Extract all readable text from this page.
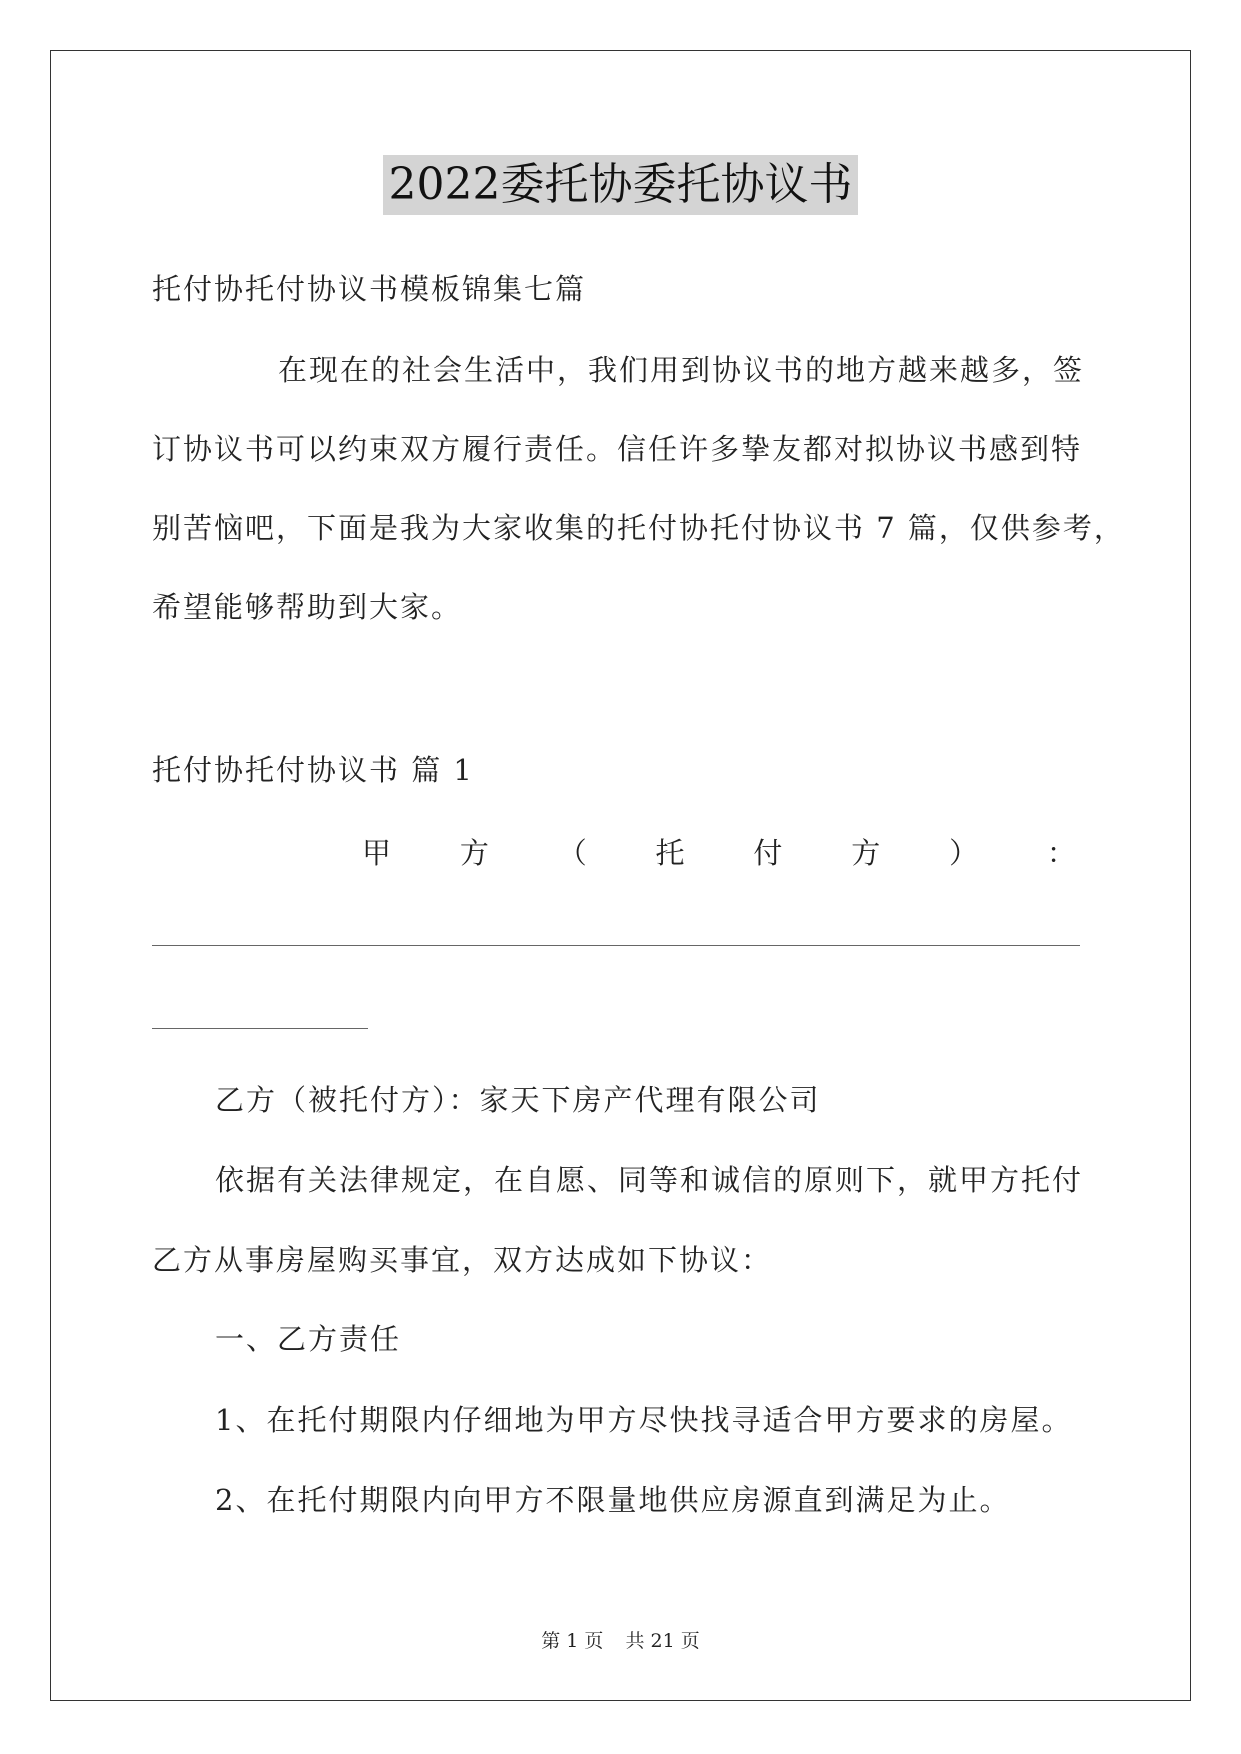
2022委托协委托协议书
托付协托付协议书模板锦集七篇
在现在的社会生活中，我们用到协议书的地方越来越多，签
订协议书可以约束双方履行责任。信任许多挚友都对拟协议书感到特
别苦恼吧，下面是我为大家收集的托付协托付协议书 7 篇，仅供参考，
希望能够帮助到大家。
托付协托付协议书 篇 1
甲 方 （ 托 付 方 ） ：
乙方（被托付方）：家天下房产代理有限公司
依据有关法律规定，在自愿、同等和诚信的原则下，就甲方托付
乙方从事房屋购买事宜，双方达成如下协议：
一、乙方责任
1、在托付期限内仔细地为甲方尽快找寻适合甲方要求的房屋。
2、在托付期限内向甲方不限量地供应房源直到满足为止。
第 1 页 共 21 页
